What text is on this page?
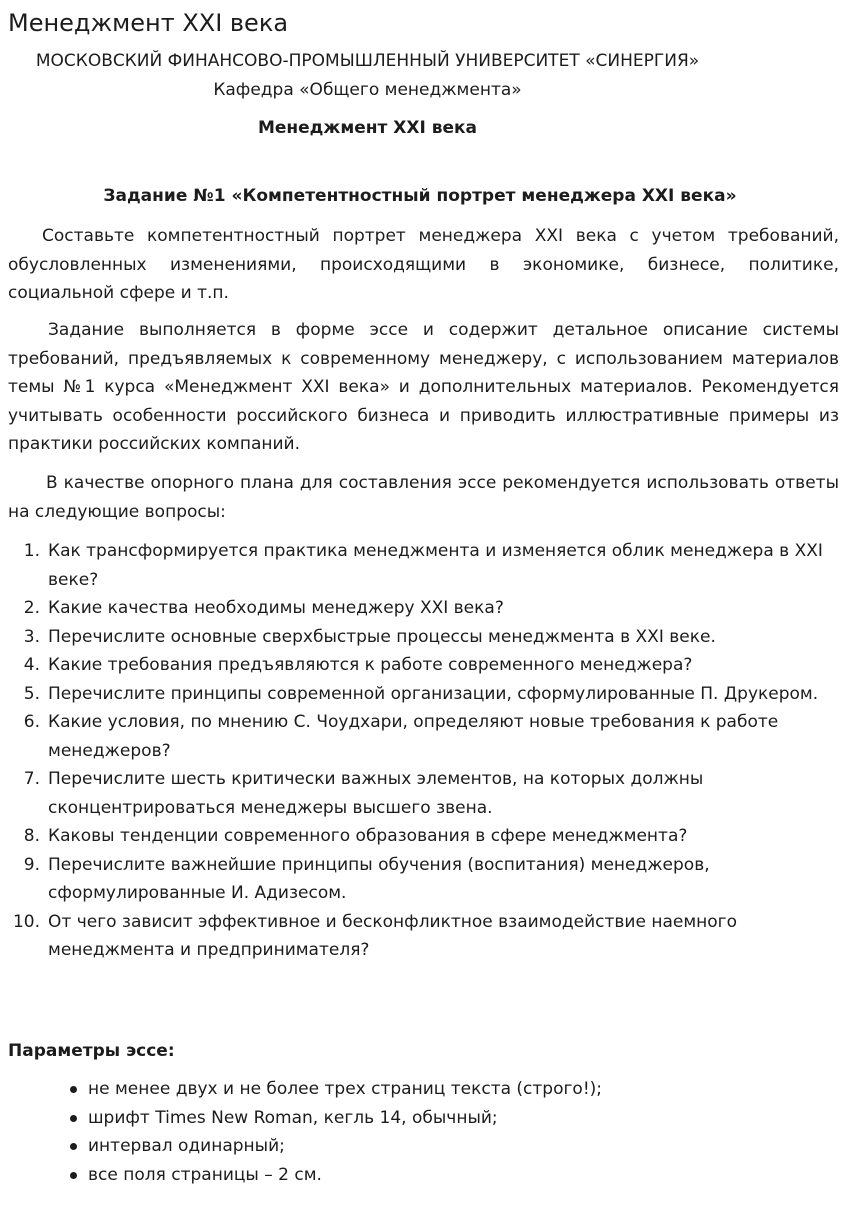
Менеджмент XXI века

МОСКОВСКИЙ ФИНАНСОВО-ПРОМЫШЛЕННЫЙ УНИВЕРСИТЕТ «СИНЕРГИЯ»

Кафедра «Общего менеджмента»

Менеджмент XXI века

Задание №1 «Компетентностный портрет менеджера XXI века»

Составьте компетентностный портрет менеджера XXI века с учетом требований, обусловленных изменениями, происходящими в экономике, бизнесе, политике, социальной сфере и т.п.

Задание выполняется в форме эссе и содержит детальное описание системы требований, предъявляемых к современному менеджеру, с использованием материалов темы №1 курса «Менеджмент XXI века» и дополнительных материалов. Рекомендуется учитывать особенности российского бизнеса и приводить иллюстративные примеры из практики российских компаний.

В качестве опорного плана для составления эссе рекомендуется использовать ответы на следующие вопросы:

1. Как трансформируется практика менеджмента и изменяется облик менеджера в XXI веке?
2. Какие качества необходимы менеджеру XXI века?
3. Перечислите основные сверхбыстрые процессы менеджмента в XXI веке.
4. Какие требования предъявляются к работе современного менеджера?
5. Перечислите принципы современной организации, сформулированные П. Друкером.
6. Какие условия, по мнению С. Чоудхари, определяют новые требования к работе менеджеров?
7. Перечислите шесть критически важных элементов, на которых должны сконцентрироваться менеджеры высшего звена.
8. Каковы тенденции современного образования в сфере менеджмента?
9. Перечислите важнейшие принципы обучения (воспитания) менеджеров, сформулированные И. Адизесом.
10. От чего зависит эффективное и бесконфликтное взаимодействие наемного менеджмента и предпринимателя?

Параметры эссе:

не менее двух и не более трех страниц текста (строго!);
шрифт Times New Roman, кегль 14, обычный;
интервал одинарный;
все поля страницы – 2 см.
